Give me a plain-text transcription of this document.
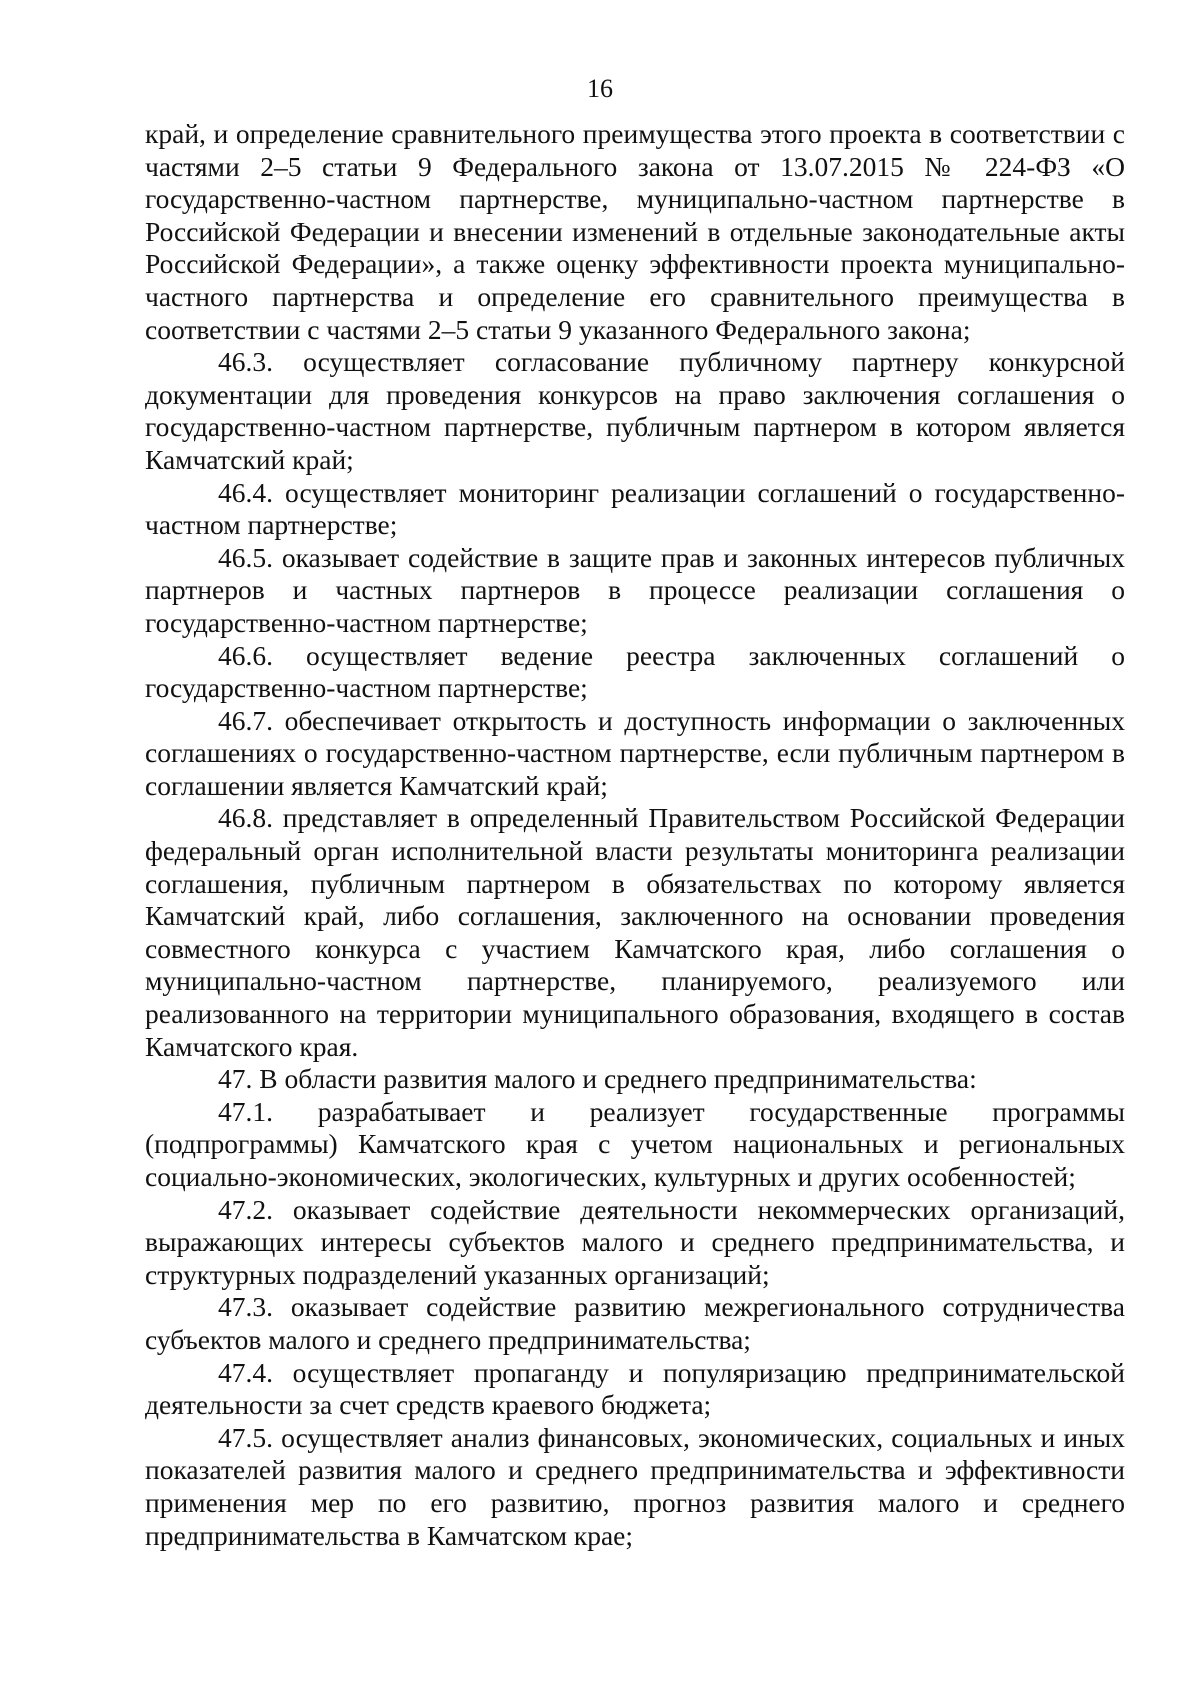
16

край, и определение сравнительного преимущества этого проекта в соответствии с частями 2–5 статьи 9 Федерального закона от 13.07.2015 № 224-ФЗ «О государственно-частном партнерстве, муниципально-частном партнерстве в Российской Федерации и внесении изменений в отдельные законодательные акты Российской Федерации», а также оценку эффективности проекта муниципально-частного партнерства и определение его сравнительного преимущества в соответствии с частями 2–5 статьи 9 указанного Федерального закона;

46.3. осуществляет согласование публичному партнеру конкурсной документации для проведения конкурсов на право заключения соглашения о государственно-частном партнерстве, публичным партнером в котором является Камчатский край;

46.4. осуществляет мониторинг реализации соглашений о государственно-частном партнерстве;

46.5. оказывает содействие в защите прав и законных интересов публичных партнеров и частных партнеров в процессе реализации соглашения о государственно-частном партнерстве;

46.6. осуществляет ведение реестра заключенных соглашений о государственно-частном партнерстве;

46.7. обеспечивает открытость и доступность информации о заключенных соглашениях о государственно-частном партнерстве, если публичным партнером в соглашении является Камчатский край;

46.8. представляет в определенный Правительством Российской Федерации федеральный орган исполнительной власти результаты мониторинга реализации соглашения, публичным партнером в обязательствах по которому является Камчатский край, либо соглашения, заключенного на основании проведения совместного конкурса с участием Камчатского края, либо соглашения о муниципально-частном партнерстве, планируемого, реализуемого или реализованного на территории муниципального образования, входящего в состав Камчатского края.

47. В области развития малого и среднего предпринимательства:

47.1. разрабатывает и реализует государственные программы (подпрограммы) Камчатского края с учетом национальных и региональных социально-экономических, экологических, культурных и других особенностей;

47.2. оказывает содействие деятельности некоммерческих организаций, выражающих интересы субъектов малого и среднего предпринимательства, и структурных подразделений указанных организаций;

47.3. оказывает содействие развитию межрегионального сотрудничества субъектов малого и среднего предпринимательства;

47.4. осуществляет пропаганду и популяризацию предпринимательской деятельности за счет средств краевого бюджета;

47.5. осуществляет анализ финансовых, экономических, социальных и иных показателей развития малого и среднего предпринимательства и эффективности применения мер по его развитию, прогноз развития малого и среднего предпринимательства в Камчатском крае;
